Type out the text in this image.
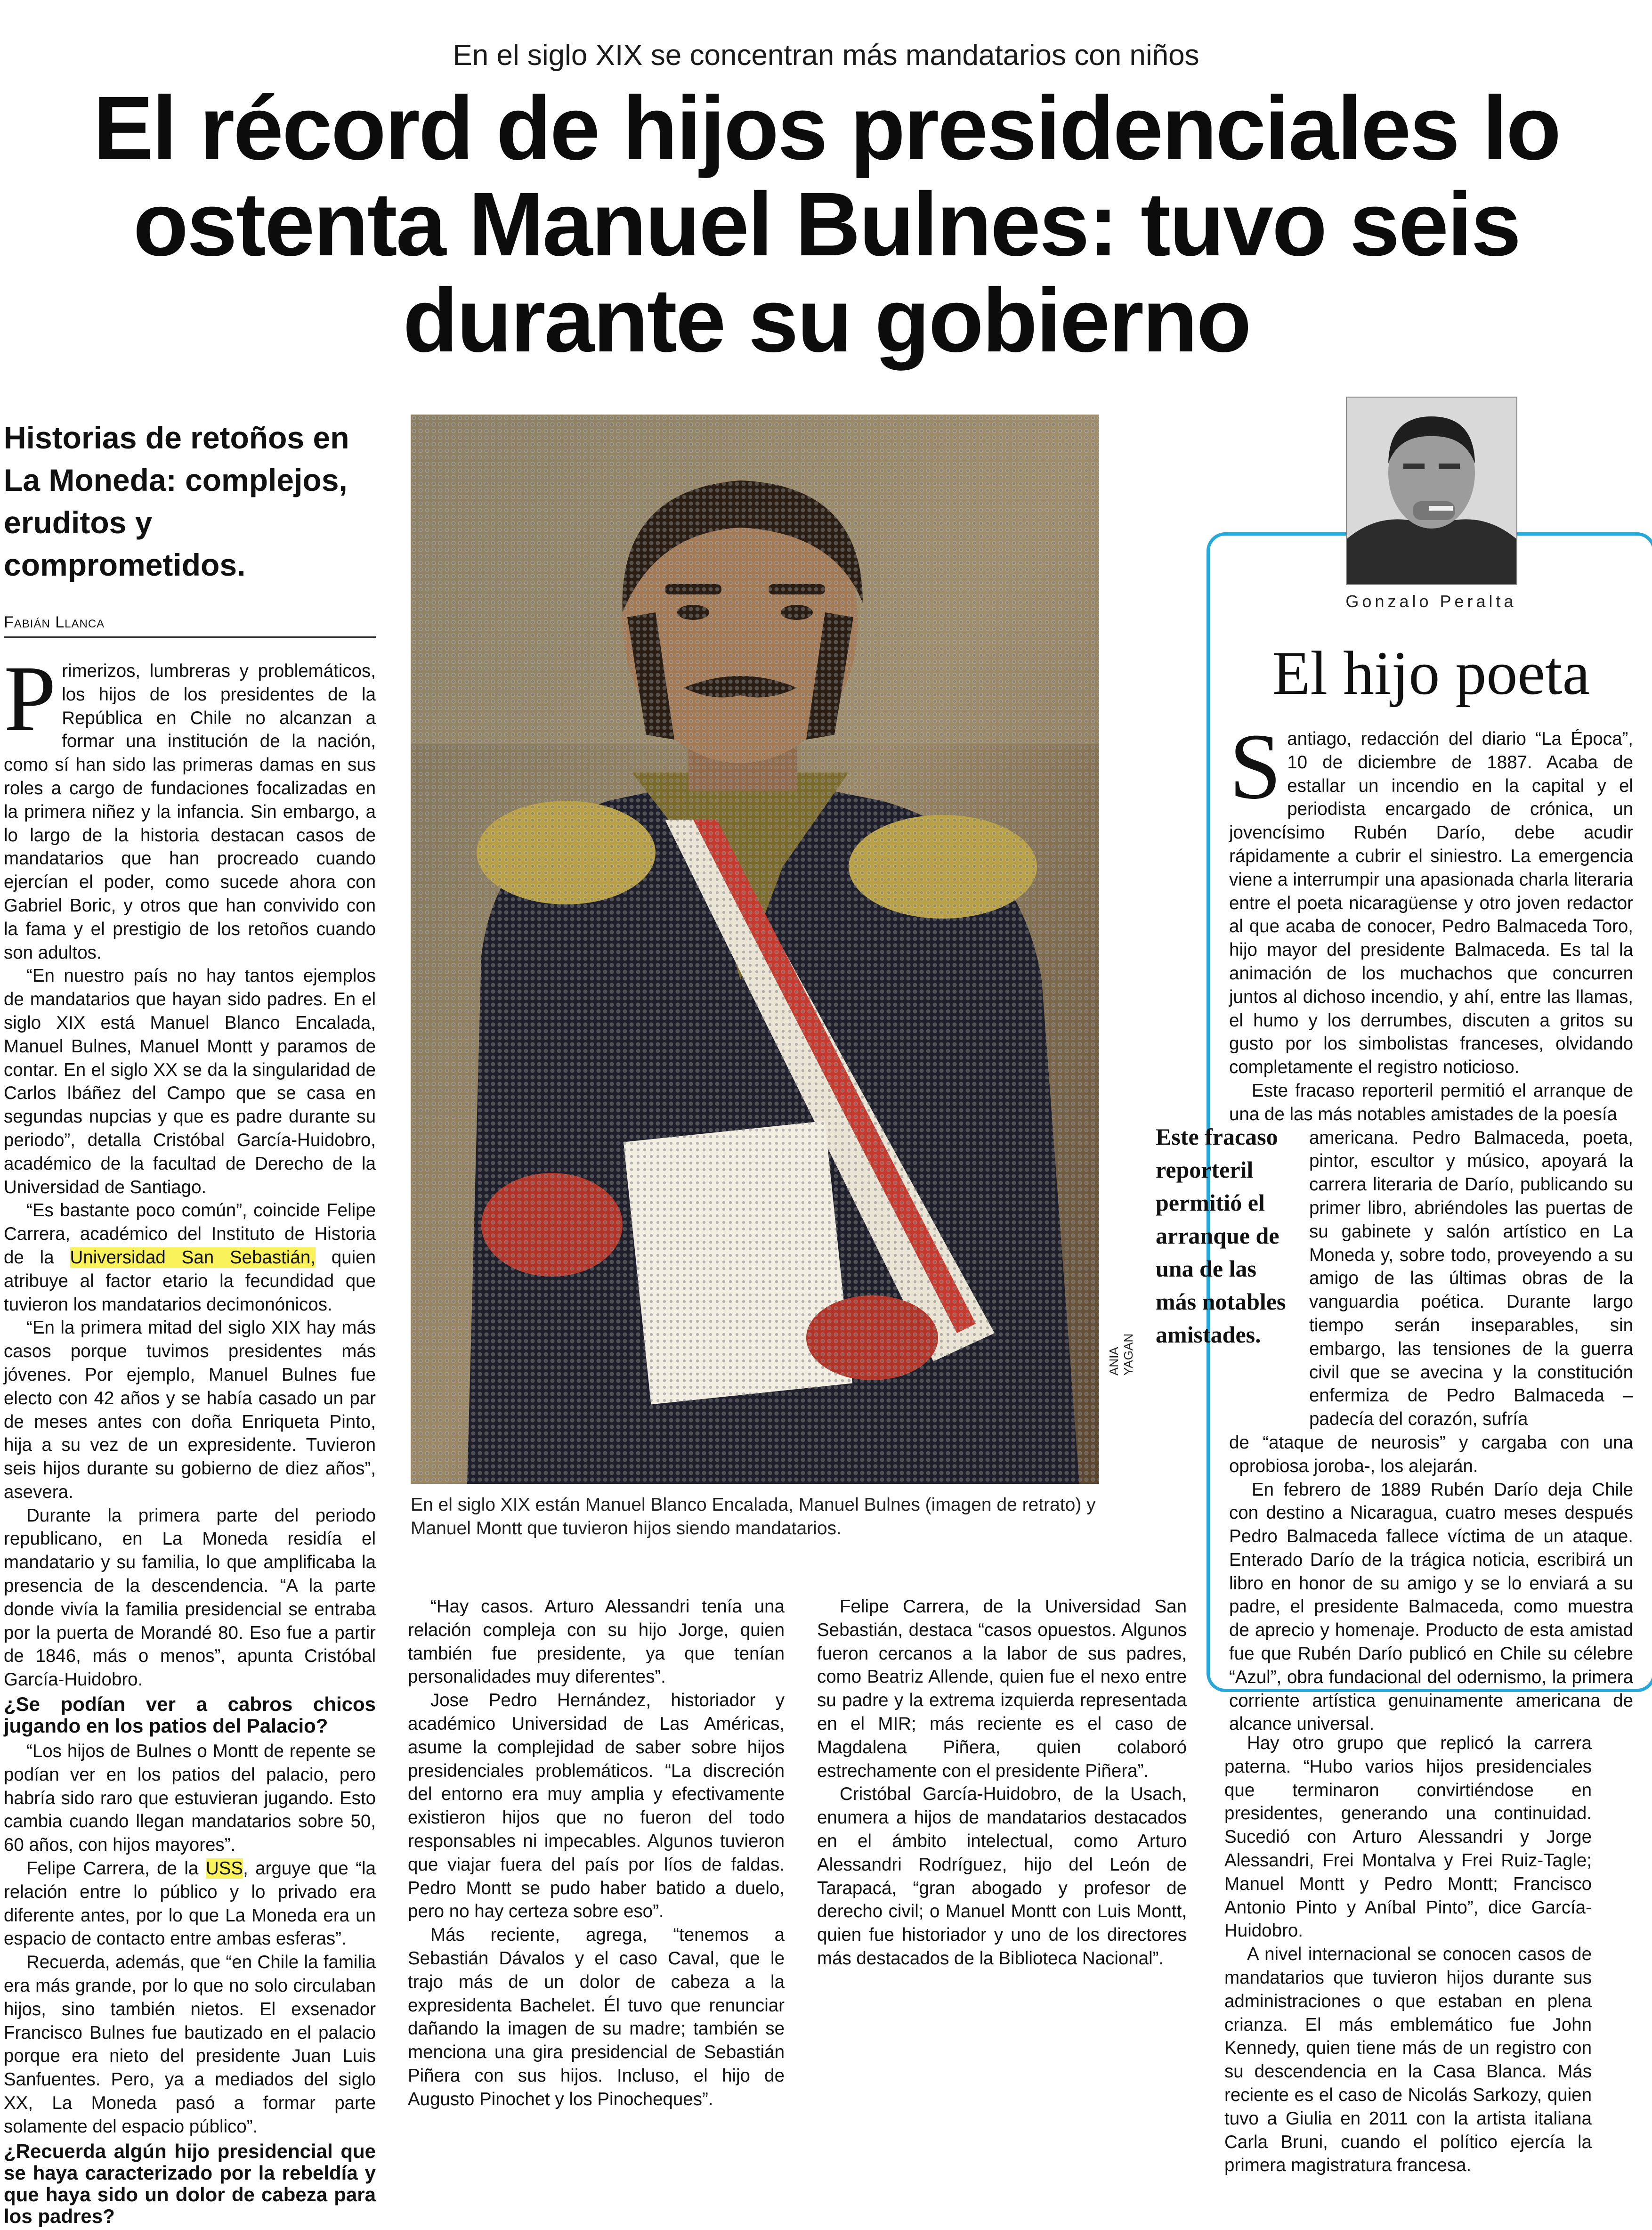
En el siglo XIX se concentran más mandatarios con niños
El récord de hijos presidenciales lo ostenta Manuel Bulnes: tuvo seis durante su gobierno
Historias de retoños en La Moneda: complejos, eruditos y comprometidos.
Fabián Llanca

Primerizos, lumbreras y problemáticos, los hijos de los presidentes de la República en Chile no alcanzan a formar una institución de la nación, como sí han sido las primeras damas en sus roles a cargo de fundaciones focalizadas en la primera niñez y la infancia. Sin embargo, a lo largo de la historia destacan casos de mandatarios que han procreado cuando ejercían el poder, como sucede ahora con Gabriel Boric, y otros que han convivido con la fama y el prestigio de los retoños cuando son adultos.

“En nuestro país no hay tantos ejemplos de mandatarios que hayan sido padres. En el siglo XIX está Manuel Blanco Encalada, Manuel Bulnes, Manuel Montt y paramos de contar. En el siglo XX se da la singularidad de Carlos Ibáñez del Campo que se casa en segundas nupcias y que es padre durante su periodo”, detalla Cristóbal García-Huidobro, académico de la facultad de Derecho de la Universidad de Santiago.

“Es bastante poco común”, coincide Felipe Carrera, académico del Instituto de Historia de la Universidad San Sebastián, quien atribuye al factor etario la fecundidad que tuvieron los mandatarios decimonónicos.

“En la primera mitad del siglo XIX hay más casos porque tuvimos presidentes más jóvenes. Por ejemplo, Manuel Bulnes fue electo con 42 años y se había casado un par de meses antes con doña Enriqueta Pinto, hija a su vez de un expresidente. Tuvieron seis hijos durante su gobierno de diez años”, asevera.

Durante la primera parte del periodo republicano, en La Moneda residía el mandatario y su familia, lo que amplificaba la presencia de la descendencia. “A la parte donde vivía la familia presidencial se entraba por la puerta de Morandé 80. Eso fue a partir de 1846, más o menos”, apunta Cristóbal García-Huidobro.

¿Se podían ver a cabros chicos jugando en los patios del Palacio?

“Los hijos de Bulnes o Montt de repente se podían ver en los patios del palacio, pero habría sido raro que estuvieran jugando. Esto cambia cuando llegan mandatarios sobre 50, 60 años, con hijos mayores”.

Felipe Carrera, de la USS, arguye que “la relación entre lo público y lo privado era diferente antes, por lo que La Moneda era un espacio de contacto entre ambas esferas”.

Recuerda, además, que “en Chile la familia era más grande, por lo que no solo circulaban hijos, sino también nietos. El exsenador Francisco Bulnes fue bautizado en el palacio porque era nieto del presidente Juan Luis Sanfuentes. Pero, ya a mediados del siglo XX, La Moneda pasó a formar parte solamente del espacio público”.

¿Recuerda algún hijo presidencial que se haya caracterizado por la rebeldía y que haya sido un dolor de cabeza para los padres?

“Hay casos. Arturo Alessandri tenía una relación compleja con su hijo Jorge, quien también fue presidente, ya que tenían personalidades muy diferentes”.

Jose Pedro Hernández, historiador y académico Universidad de Las Américas, asume la complejidad de saber sobre hijos presidenciales problemáticos. “La discreción del entorno era muy amplia y efectivamente existieron hijos que no fueron del todo responsables ni impecables. Algunos tuvieron que viajar fuera del país por líos de faldas. Pedro Montt se pudo haber batido a duelo, pero no hay certeza sobre eso”.

Más reciente, agrega, “tenemos a Sebastián Dávalos y el caso Caval, que le trajo más de un dolor de cabeza a la expresidenta Bachelet. Él tuvo que renunciar dañando la imagen de su madre; también se menciona una gira presidencial de Sebastián Piñera con sus hijos. Incluso, el hijo de Augusto Pinochet y los Pinocheques”.

Felipe Carrera, de la Universidad San Sebastián, destaca “casos opuestos. Algunos fueron cercanos a la labor de sus padres, como Beatriz Allende, quien fue el nexo entre su padre y la extrema izquierda representada en el MIR; más reciente es el caso de Magdalena Piñera, quien colaboró estrechamente con el presidente Piñera”.

Cristóbal García-Huidobro, de la Usach, enumera a hijos de mandatarios destacados en el ámbito intelectual, como Arturo Alessandri Rodríguez, hijo del León de Tarapacá, “gran abogado y profesor de derecho civil; o Manuel Montt con Luis Montt, quien fue historiador y uno de los directores más destacados de la Biblioteca Nacional”.

Hay otro grupo que replicó la carrera paterna. “Hubo varios hijos presidenciales que terminaron convirtiéndose en presidentes, generando una continuidad. Sucedió con Arturo Alessandri y Jorge Alessandri, Frei Montalva y Frei Ruiz-Tagle; Manuel Montt y Pedro Montt; Francisco Antonio Pinto y Aníbal Pinto”, dice García-Huidobro.

A nivel internacional se conocen casos de mandatarios que tuvieron hijos durante sus administraciones o que estaban en plena crianza. El más emblemático fue John Kennedy, quien tiene más de un registro con su descendencia en la Casa Blanca. Más reciente es el caso de Nicolás Sarkozy, quien tuvo a Giulia en 2011 con la artista italiana Carla Bruni, cuando el político ejercía la primera magistratura francesa.

ANIA YAGAN
En el siglo XIX están Manuel Blanco Encalada, Manuel Bulnes (imagen de retrato) y Manuel Montt que tuvieron hijos siendo mandatarios.
Gonzalo Peralta
El hijo poeta

Santiago, redacción del diario “La Época”, 10 de diciembre de 1887. Acaba de estallar un incendio en la capital y el periodista encargado de crónica, un jovencísimo Rubén Darío, debe acudir rápidamente a cubrir el siniestro. La emergencia viene a interrumpir una apasionada charla literaria entre el poeta nicaragüense y otro joven redactor al que acaba de conocer, Pedro Balmaceda Toro, hijo mayor del presidente Balmaceda. Es tal la animación de los muchachos que concurren juntos al dichoso incendio, y ahí, entre las llamas, el humo y los derrumbes, discuten a gritos su gusto por los simbolistas franceses, olvidando completamente el registro noticioso.

Este fracaso reporteril permitió el arranque de una de las más notables amistades de la poesía

americana. Pedro Balmaceda, poeta, pintor, escultor y músico, apoyará la carrera literaria de Darío, publicando su primer libro, abriéndoles las puertas de su gabinete y salón artístico en La Moneda y, sobre todo, proveyendo a su amigo de las últimas obras de la vanguardia poética. Durante largo tiempo serán inseparables, sin embargo, las tensiones de la guerra civil que se avecina y la constitución enfermiza de Pedro Balmaceda –padecía del corazón, sufría

de “ataque de neurosis” y cargaba con una oprobiosa joroba-, los alejarán.

En febrero de 1889 Rubén Darío deja Chile con destino a Nicaragua, cuatro meses después Pedro Balmaceda fallece víctima de un ataque. Enterado Darío de la trágica noticia, escribirá un libro en honor de su amigo y se lo enviará a su padre, el presidente Balmaceda, como muestra de aprecio y homenaje. Producto de esta amistad fue que Rubén Darío publicó en Chile su célebre “Azul”, obra fundacional del odernismo, la primera corriente artística genuinamente americana de alcance universal.

Este fracaso reporteril permitió el arranque de una de las más notables amistades.
